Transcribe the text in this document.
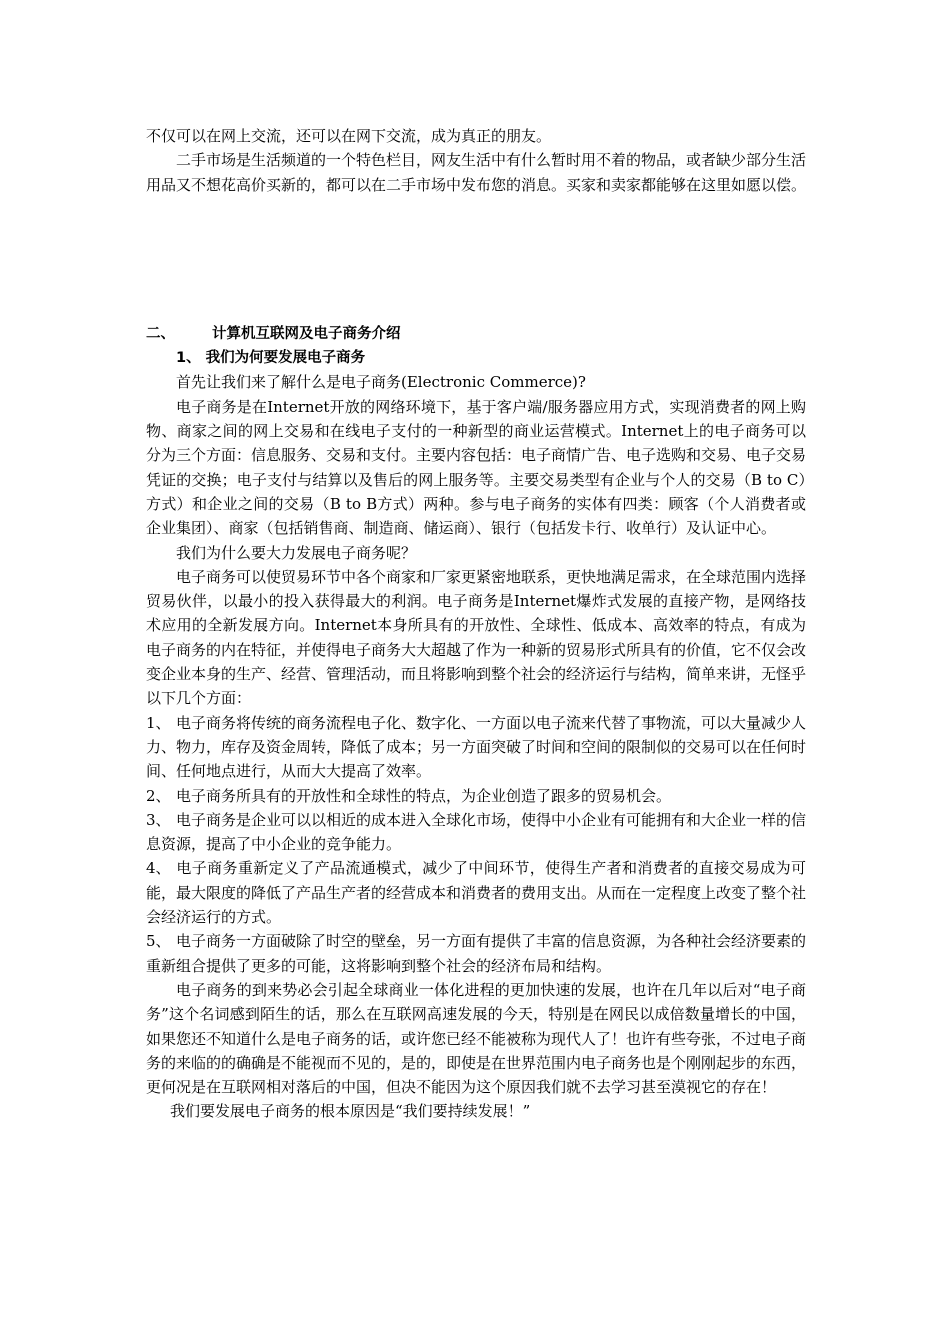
不仅可以在网上交流，还可以在网下交流，成为真正的朋友。

二手市场是生活频道的一个特色栏目，网友生活中有什么暂时用不着的物品，或者缺少部分生活用品又不想花高价买新的，都可以在二手市场中发布您的消息。买家和卖家都能够在这里如愿以偿。

二、	计算机互联网及电子商务介绍
1、 我们为何要发展电子商务

首先让我们来了解什么是电子商务(Electronic Commerce)?

电子商务是在Internet开放的网络环境下，基于客户端/服务器应用方式，实现消费者的网上购物、商家之间的网上交易和在线电子支付的一种新型的商业运营模式。Internet上的电子商务可以分为三个方面：信息服务、交易和支付。主要内容包括：电子商情广告、电子选购和交易、电子交易凭证的交换；电子支付与结算以及售后的网上服务等。主要交易类型有企业与个人的交易（B to C）方式）和企业之间的交易（B to B方式）两种。参与电子商务的实体有四类：顾客（个人消费者或企业集团）、商家（包括销售商、制造商、储运商）、银行（包括发卡行、收单行）及认证中心。

我们为什么要大力发展电子商务呢？

电子商务可以使贸易环节中各个商家和厂家更紧密地联系，更快地满足需求，在全球范围内选择贸易伙伴，以最小的投入获得最大的利润。电子商务是Internet爆炸式发展的直接产物，是网络技术应用的全新发展方向。Internet本身所具有的开放性、全球性、低成本、高效率的特点，有成为电子商务的内在特征，并使得电子商务大大超越了作为一种新的贸易形式所具有的价值，它不仅会改变企业本身的生产、经营、管理活动，而且将影响到整个社会的经济运行与结构，简单来讲，无怪乎以下几个方面：

1、 电子商务将传统的商务流程电子化、数字化、一方面以电子流来代替了事物流，可以大量减少人力、物力，库存及资金周转，降低了成本；另一方面突破了时间和空间的限制似的交易可以在任何时间、任何地点进行，从而大大提高了效率。

2、 电子商务所具有的开放性和全球性的特点，为企业创造了跟多的贸易机会。

3、 电子商务是企业可以以相近的成本进入全球化市场，使得中小企业有可能拥有和大企业一样的信息资源，提高了中小企业的竞争能力。

4、 电子商务重新定义了产品流通模式，减少了中间环节，使得生产者和消费者的直接交易成为可能，最大限度的降低了产品生产者的经营成本和消费者的费用支出。从而在一定程度上改变了整个社会经济运行的方式。

5、 电子商务一方面破除了时空的壁垒，另一方面有提供了丰富的信息资源，为各种社会经济要素的重新组合提供了更多的可能，这将影响到整个社会的经济布局和结构。

电子商务的到来势必会引起全球商业一体化进程的更加快速的发展，也许在几年以后对“电子商务”这个名词感到陌生的话，那么在互联网高速发展的今天，特别是在网民以成倍数量增长的中国，如果您还不知道什么是电子商务的话，或许您已经不能被称为现代人了！也许有些夸张，不过电子商务的来临的的确确是不能视而不见的，是的，即使是在世界范围内电子商务也是个刚刚起步的东西，更何况是在互联网相对落后的中国，但决不能因为这个原因我们就不去学习甚至漠视它的存在！

我们要发展电子商务的根本原因是“我们要持续发展！”
